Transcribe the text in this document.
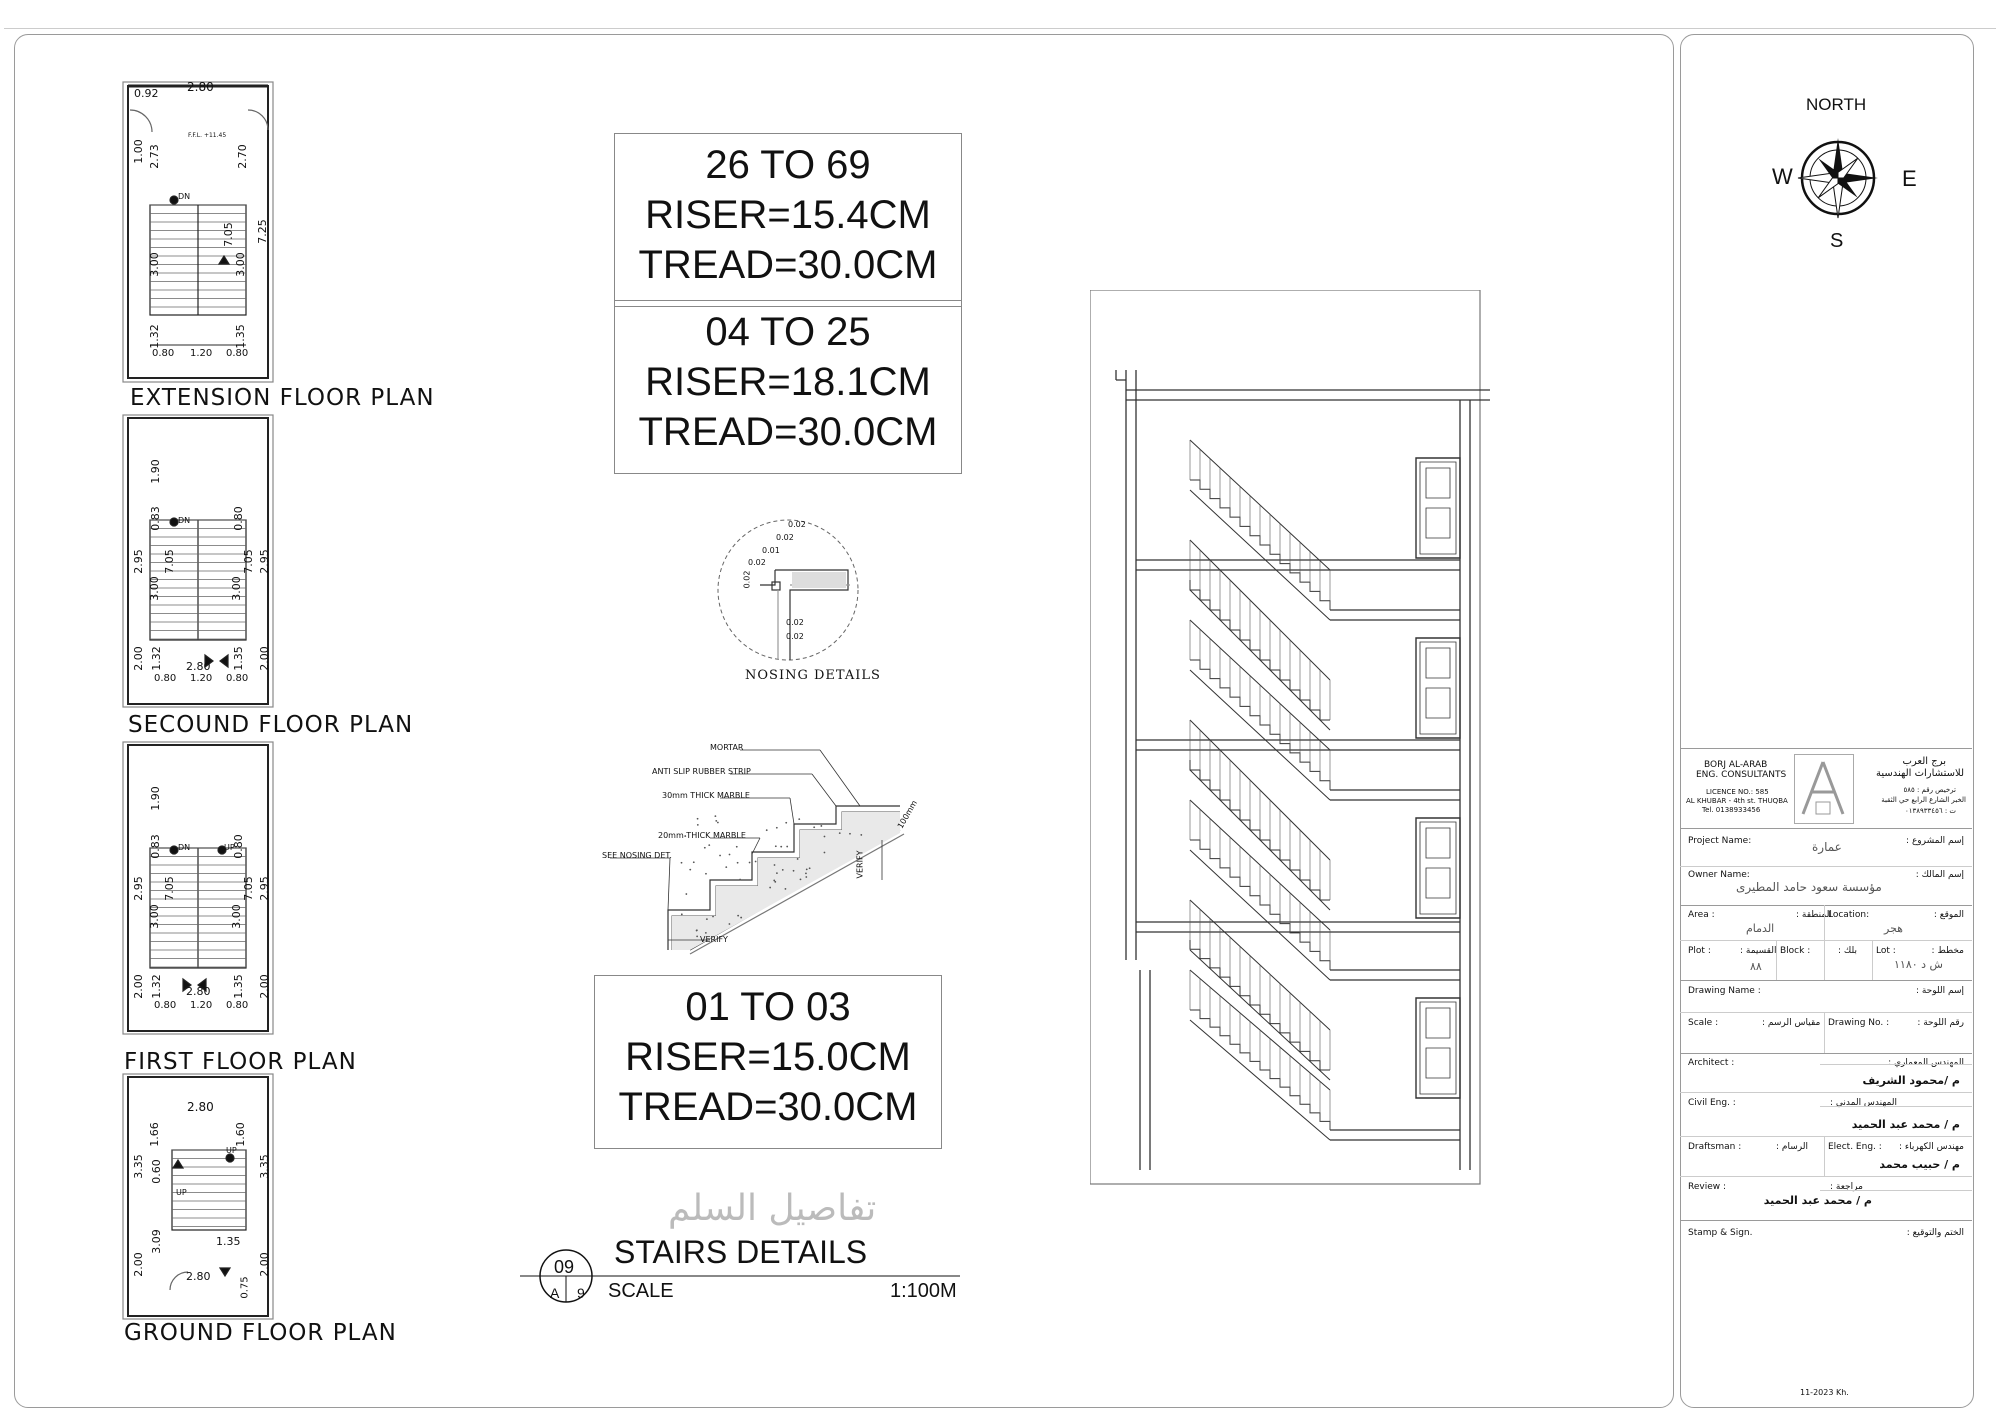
0.92 2.80
F.F.L. +11.45
1.00 2.73	2.70
7.25
7.05
3.00	3.00
1.32	1.35
0.80 1.20 0.80
DN
1.90
0.83	0.80
2.95	2.95
7.05	7.05
3.00	3.00
2.00	2.00
1.32	1.35
2.80
0.80 1.20 0.80
DN
1.90
0.83	0.80
2.95	2.95
7.05	7.05
3.00	3.00
2.00	2.00
1.32	1.35
2.80
0.80 1.20 0.80
DN	UP
2.80
1.66	1.60
3.35	3.35
0.60
3.09	1.35
2.00	2.00
2.80	0.75
UP
UP
EXTENSION FLOOR PLAN
SECOUND FLOOR PLAN
FIRST FLOOR PLAN
GROUND FLOOR PLAN
26 TO 69
RISER=15.4CM
TREAD=30.0CM
04 TO 25
RISER=18.1CM
TREAD=30.0CM
01 TO 03
RISER=15.0CM
TREAD=30.0CM
0.02
0.02
0.01
0.02
0.02
0.02
0.02
NOSING DETAILS
MORTAR
ANTI SLIP RUBBER STRIP
30mm THICK MARBLE
20mm THICK MARBLE
SEE NOSING DET.
VERIFY
VERIFY
100mm
تفاصيل السلم
STAIRS DETAILS
09
A 9 SCALE	1:100M
NORTH
W	E
S
BORJ AL-ARAB
ENG. CONSULTANTS
LICENCE NO.: 585
AL KHUBAR - 4th st. THUQBA
Tel. 0138933456
برج العرب
للاستشارات الهندسية
ترخيص رقم : ٥٨٥
الخبر الشارع الرابع حي الثقبة
ت : ٠١٣٨٩٣٣٤٥٦
Project Name:	إسم المشروع :
عمارة
Owner Name:	إسم المالك :
مؤسسة سعود حامد المطيرى
Area :	المنطقة :
الدمام
Location:	الموقع :
هجر
Plot :	القسيمة :
٨٨
Block :	بلك : Lot :	مخطط :
ش د ١١٨٠
Drawing Name :	إسم اللوحة :
Scale :	مقياس الرسم : Drawing No. :	رقم اللوحة :
Architect :	المهندس المعماري :
م /محمود الشريف
Civil Eng. :	المهندس المدني :
م / محمد عبد الحميد
Draftsman :	الرسام : Elect. Eng. : مهندس الكهرباء :
م / حبيب محمد
Review :	مراجعة :
م / محمد عبد الحميد
Stamp & Sign.	الختم والتوقيع :
11-2023 Kh.
